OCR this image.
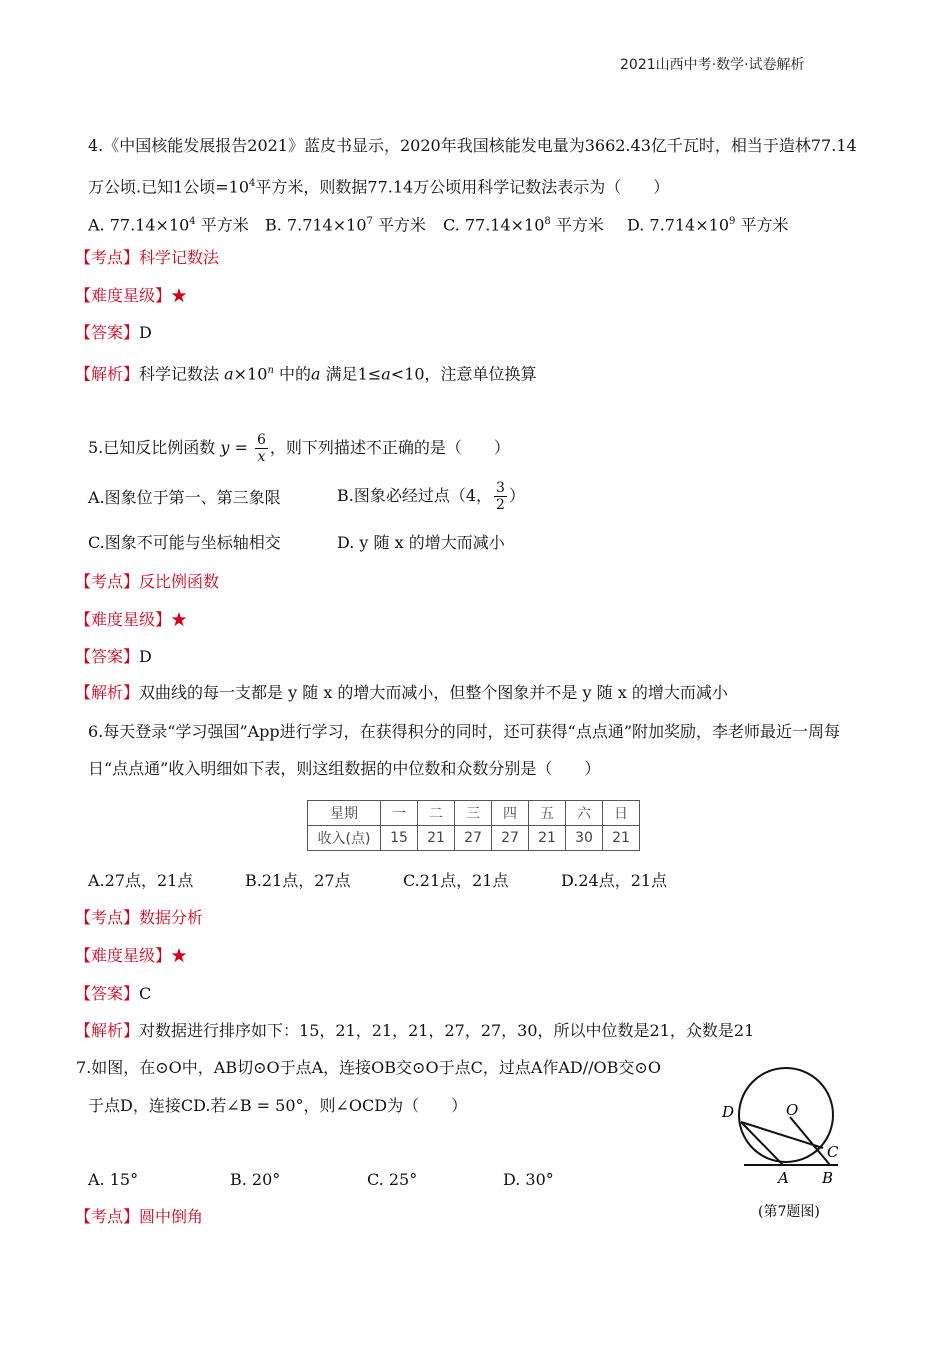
2021山西中考·数学·试卷解析
4.《中国核能发展报告2021》蓝皮书显示，2020年我国核能发电量为3662.43亿千瓦时，相当于造林77.14
万公顷.已知1公顷$=10^4$平方米，则数据77.14万公顷用科学记数法表示为（　　）
A. $77.14\times 10^4$ 平方米 B. $7.714\times 10^7$ 平方米 C. $77.14\times 10^8$ 平方米 D. $7.714\times 10^9$ 平方米
【考点】科学记数法
【难度星级】★
【答案】D
【解析】科学记数法 $a\times 10^n$ 中的a 满足1≤a<10，注意单位换算
5.已知反比例函数 $y = \frac{6}{x}$ ，则下列描述不正确的是（　　）
A.图象位于第一、第三象限	B.图象必经过点（4， $\frac{3}{2}$ ）
C.图象不可能与坐标轴相交	D. y 随 x 的增大而减小
【考点】反比例函数
【难度星级】★
【答案】D
【解析】双曲线的每一支都是 y 随 x 的增大而减小，但整个图象并不是 y 随 x 的增大而减小
6.每天登录“学习强国”App进行学习，在获得积分的同时，还可获得“点点通”附加奖励，李老师最近一周每
日“点点通”收入明细如下表，则这组数据的中位数和众数分别是（　　）
星期	一	二	三	四	五	六	日
收入(点)	15	21	27	27	21	30	21
A.27点，21点	B.21点，27点	C.21点，21点	D.24点，21点
【考点】数据分析
【难度星级】★
【答案】C
【解析】对数据进行排序如下：15，21，21，21，27，27，30，所以中位数是21，众数是21
7.如图，在⊙O中，AB切⊙O于点A，连接OB交⊙O于点C，过点A作AD//OB交⊙O
于点D，连接CD.若∠B = 50°，则∠OCD为（　　）
A. 15°	B. 20°	C. 25°	D. 30°
【考点】圆中倒角
D	O
C
A B
(第7题图)
